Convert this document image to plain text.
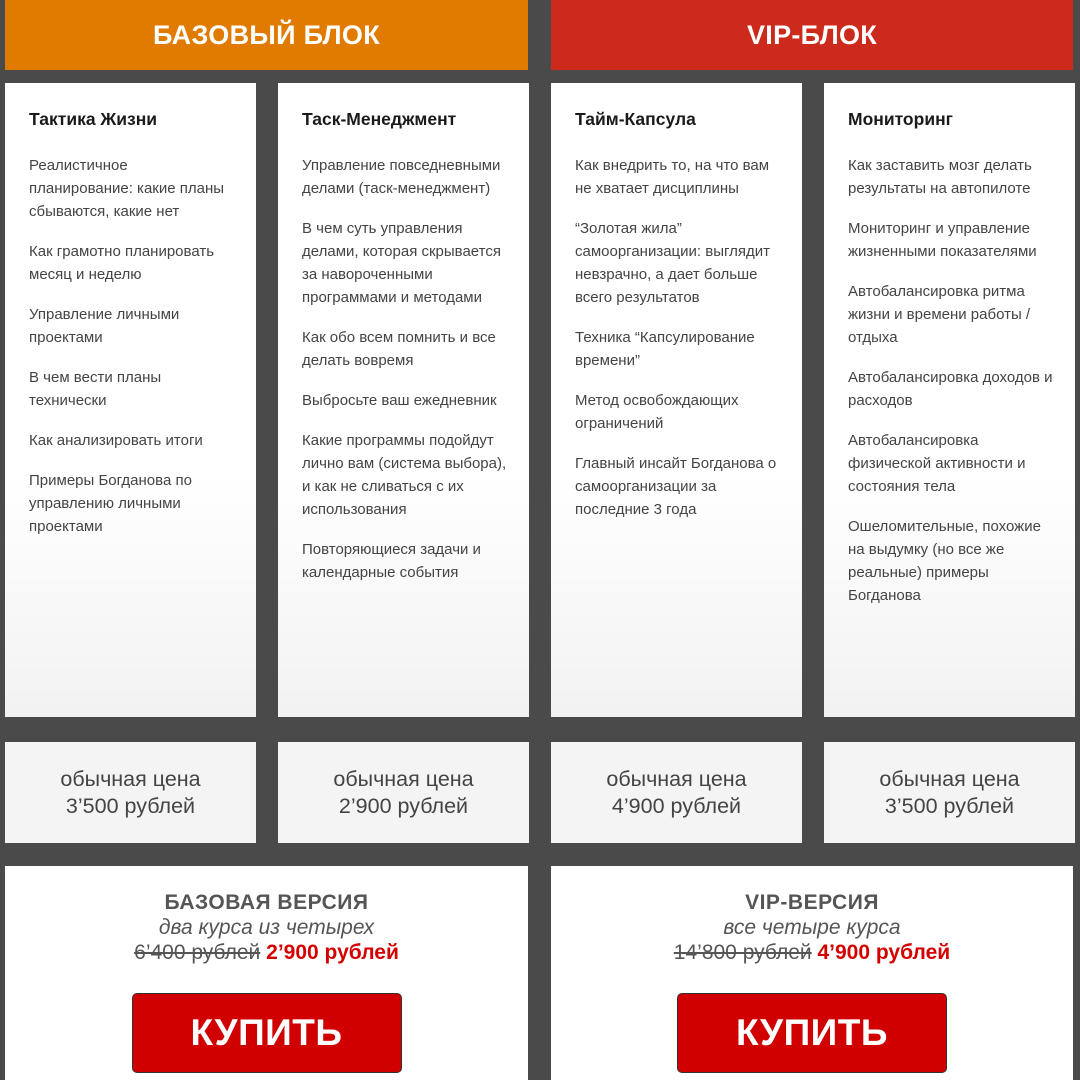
БАЗОВЫЙ БЛОК	VIP-БЛОК
Тактика Жизни
Реалистичное планирование: какие планы сбываются, какие нет
Как грамотно планировать месяц и неделю
Управление личными проектами
В чем вести планы технически
Как анализировать итоги
Примеры Богданова по управлению личными проектами
Таск-Менеджмент
Управление повседневными делами (таск-менеджмент)
В чем суть управления делами, которая скрывается за навороченными программами и методами
Как обо всем помнить и все делать вовремя
Выбросьте ваш ежедневник
Какие программы подойдут лично вам (система выбора), и как не сливаться с их использования
Повторяющиеся задачи и календарные события
Тайм-Капсула
Как внедрить то, на что вам не хватает дисциплины
“Золотая жила” самоорганизации: выглядит невзрачно, а дает больше всего результатов
Техника “Капсулирование времени”
Метод освобождающих ограничений
Главный инсайт Богданова о самоорганизации за последние 3 года
Мониторинг
Как заставить мозг делать результаты на автопилоте
Мониторинг и управление жизненными показателями
Автобалансировка ритма жизни и времени работы / отдыха
Автобалансировка доходов и расходов
Автобалансировка физической активности и состояния тела
Ошеломительные, похожие на выдумку (но все же реальные) примеры Богданова
обычная цена
3’500 рублей
обычная цена
2’900 рублей
обычная цена
4’900 рублей
обычная цена
3’500 рублей
БАЗОВАЯ ВЕРСИЯ
два курса из четырех
6’400 рублей 2’900 рублей
КУПИТЬ
VIP-ВЕРСИЯ
все четыре курса
14’800 рублей 4’900 рублей
КУПИТЬ
